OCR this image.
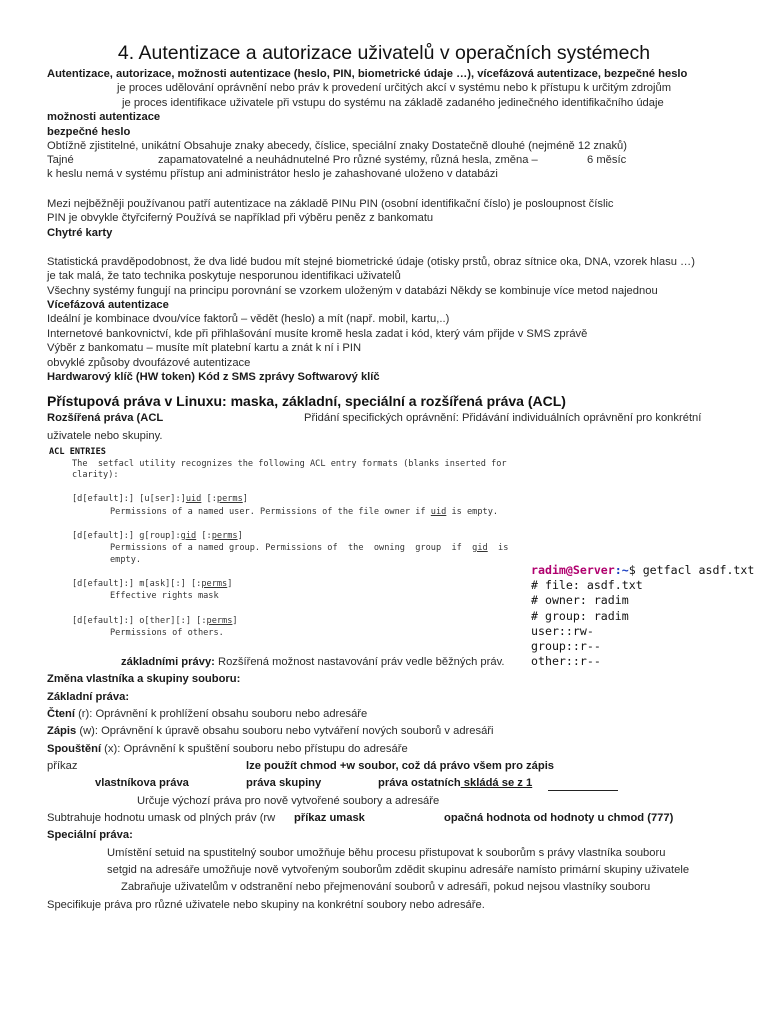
4. Autentizace a autorizace uživatelů v operačních systémech
Autentizace, autorizace, možnosti autentizace (heslo, PIN, biometrické údaje …), vícefázová autentizace, bezpečné heslo
je proces udělování oprávnění nebo práv k provedení určitých akcí v systému nebo k přístupu k určitým zdrojům
je proces identifikace uživatele při vstupu do systému na základě zadaného jedinečného identifikačního údaje
možnosti autentizace
bezpečné heslo
Obtížně zjistitelné, unikátní Obsahuje znaky abecedy, číslice, speciální znaky Dostatečně dlouhé (nejméně 12 znaků)
Tajné	zapamatovatelné a neuhádnutelné Pro různé systémy, různá hesla, změna –	6 měsíc
k heslu nemá v systému přístup ani administrátor heslo je zahashované uloženo v databázi
Mezi nejběžněji používanou patří autentizace na základě PINu PIN (osobní identifikační číslo) je posloupnost číslic
PIN je obvykle čtyřciferný Používá se například při výběru peněz z bankomatu
Chytré karty
Statistická pravděpodobnost, že dva lidé budou mít stejné biometrické údaje (otisky prstů, obraz sítnice oka, DNA, vzorek hlasu …)
je tak malá, že tato technika poskytuje nesporunou identifikaci uživatelů
Všechny systémy fungují na principu porovnání se vzorkem uloženým v databázi Někdy se kombinuje více metod najednou
Vícefázová autentizace
Ideální je kombinace dvou/více faktorů – vědět (heslo) a mít (např. mobil, kartu,..)
Internetové bankovnictví, kde při přihlašování musíte kromě hesla zadat i kód, který vám přijde v SMS zprávě
Výběr z bankomatu – musíte mít platební kartu a znát k ní i PIN
obvyklé způsoby dvoufázové autentizace
Hardwarový klíč (HW token) Kód z SMS zprávy Softwarový klíč
Přístupová práva v Linuxu: maska, základní, speciální a rozšířená práva (ACL)
Rozšířená práva (ACL	Přidání specifických oprávnění: Přidávání individuálních oprávnění pro konkrétní
uživatele nebo skupiny.
ACL ENTRIES
The  setfacl utility recognizes the following ACL entry formats (blanks inserted for
clarity):
[d[efault]:] [u[ser]:]uid [:perms]
Permissions of a named user. Permissions of the file owner if uid is empty.
[d[efault]:] g[roup]:gid [:perms]
Permissions of a named group. Permissions of  the  owning  group  if  gid  is
empty.
[d[efault]:] m[ask][:] [:perms]
Effective rights mask
[d[efault]:] o[ther][:] [:perms]
Permissions of others.
radim@Server:~$ getfacl asdf.txt
# file: asdf.txt
# owner: radim
# group: radim
user::rw-
group::r--
other::r--
základními právy: Rozšířená možnost nastavování práv vedle běžných práv.
Změna vlastníka a skupiny souboru:
Základní práva:
Čtení (r): Oprávnění k prohlížení obsahu souboru nebo adresáře
Zápis (w): Oprávnění k úpravě obsahu souboru nebo vytváření nových souborů v adresáři
Spouštění (x): Oprávnění k spuštění souboru nebo přístupu do adresáře
příkaz	lze použít chmod +w soubor, což dá právo všem pro zápis
vlastníkova práva	práva skupiny	práva ostatních skládá se z 1
Určuje výchozí práva pro nově vytvořené soubory a adresáře
Subtrahuje hodnotu umask od plných práv (rw příkaz umask	opačná hodnota od hodnoty u chmod (777)
Speciální práva:
Umístění setuid na spustitelný soubor umožňuje běhu procesu přistupovat k souborům s právy vlastníka souboru
setgid na adresáře umožňuje nově vytvořeným souborům zdědit skupinu adresáře namísto primární skupiny uživatele
Zabraňuje uživatelům v odstranění nebo přejmenování souborů v adresáři, pokud nejsou vlastníky souboru
Specifikuje práva pro různé uživatele nebo skupiny na konkrétní soubory nebo adresáře.
